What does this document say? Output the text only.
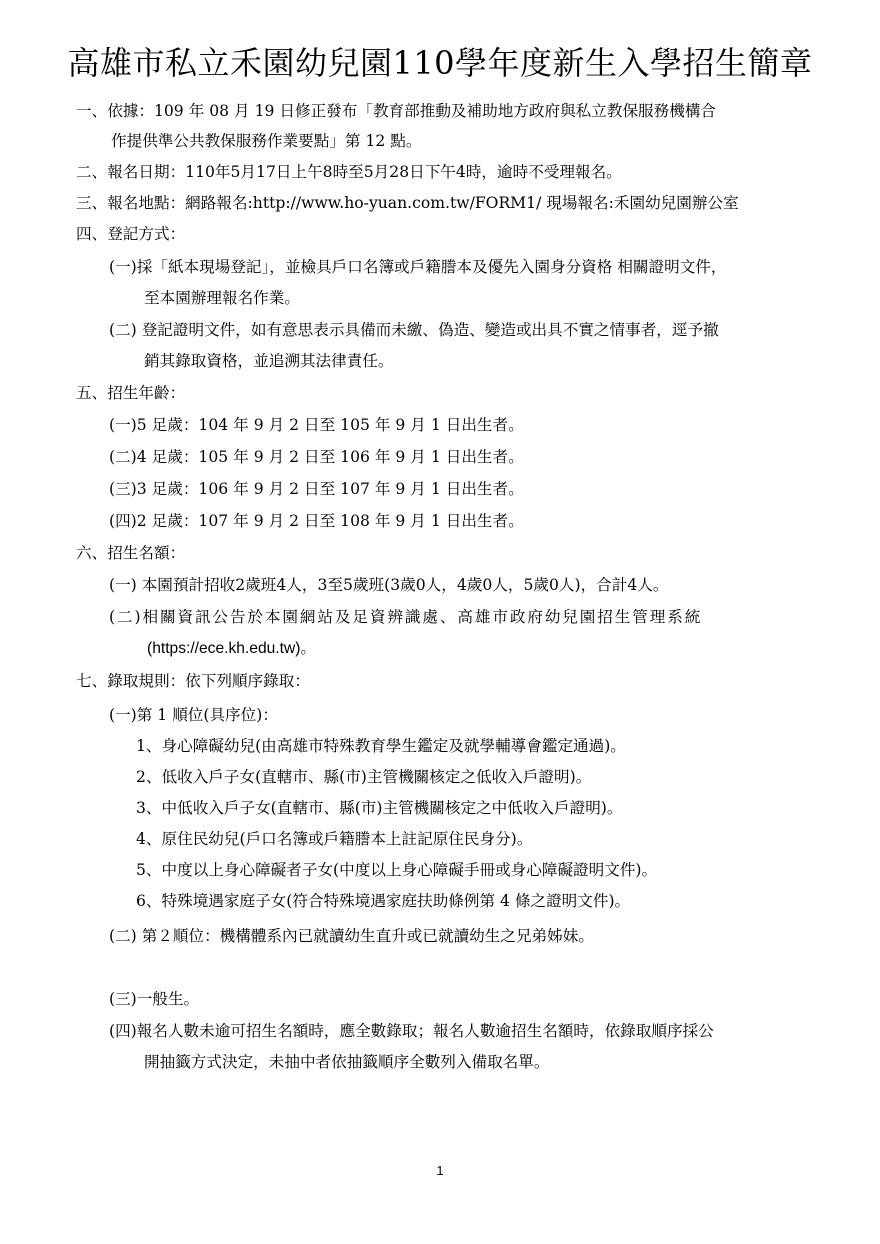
高雄市私立禾園幼兒園110學年度新生入學招生簡章
一、依據：109 年 08 月 19 日修正發布「教育部推動及補助地方政府與私立教保服務機構合
作提供準公共教保服務作業要點」第 12 點。
二、報名日期：110年5月17日上午8時至5月28日下午4時，逾時不受理報名。
三、報名地點：網路報名:http://www.ho-yuan.com.tw/FORM1/ 現場報名:禾園幼兒園辦公室
四、登記方式：
(一)採「紙本現場登記」，並檢具戶口名簿或戶籍謄本及優先入園身分資格 相關證明文件，
至本園辦理報名作業。
(二) 登記證明文件，如有意思表示具備而未繳、偽造、變造或出具不實之情事者，逕予撤
銷其錄取資格，並追溯其法律責任。
五、招生年齡：
(一)5 足歲：104 年 9 月 2 日至 105 年 9 月 1 日出生者。
(二)4 足歲：105 年 9 月 2 日至 106 年 9 月 1 日出生者。
(三)3 足歲：106 年 9 月 2 日至 107 年 9 月 1 日出生者。
(四)2 足歲：107 年 9 月 2 日至 108 年 9 月 1 日出生者。
六、招生名額：
(一) 本園預計招收2歲班4人，3至5歲班(3歲0人，4歲0人，5歲0人)，合計4人。
(二)相關資訊公告於本園網站及足資辨識處、高雄市政府幼兒園招生管理系統
(https://ece.kh.edu.tw)。
七、錄取規則：依下列順序錄取：
(一)第 1 順位(具序位)：
1、身心障礙幼兒(由高雄市特殊教育學生鑑定及就學輔導會鑑定通過)。
2、低收入戶子女(直轄市、縣(市)主管機關核定之低收入戶證明)。
3、中低收入戶子女(直轄市、縣(市)主管機關核定之中低收入戶證明)。
4、原住民幼兒(戶口名簿或戶籍謄本上註記原住民身分)。
5、中度以上身心障礙者子女(中度以上身心障礙手冊或身心障礙證明文件)。
6、特殊境遇家庭子女(符合特殊境遇家庭扶助條例第 4 條之證明文件)。
(二) 第２順位：機構體系內已就讀幼生直升或已就讀幼生之兄弟姊妹。
(三)一般生。
(四)報名人數未逾可招生名額時，應全數錄取；報名人數逾招生名額時，依錄取順序採公
開抽籤方式決定，未抽中者依抽籤順序全數列入備取名單。
1
